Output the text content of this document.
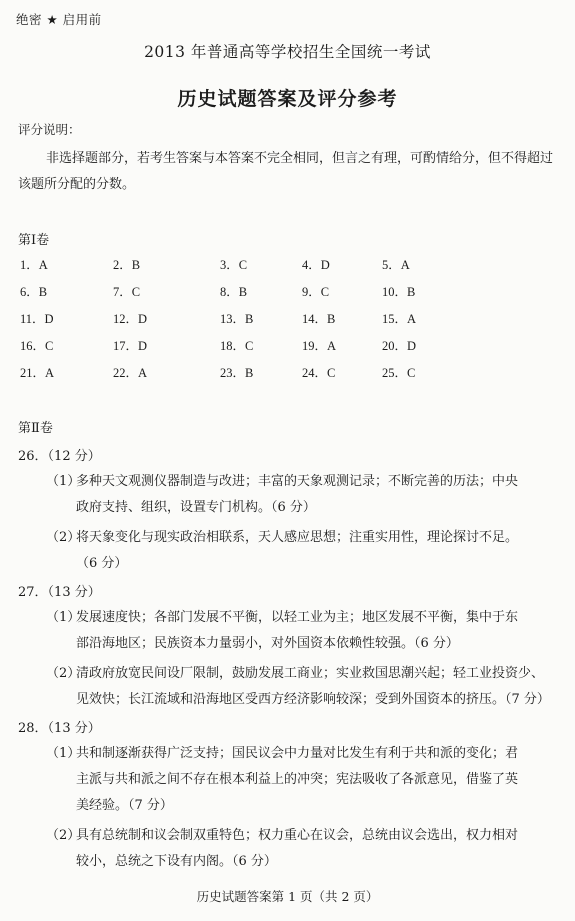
绝密 ★ 启用前
2013 年普通高等学校招生全国统一考试
历史试题答案及评分参考
评分说明：
非选择题部分，若考生答案与本答案不完全相同，但言之有理，可酌情给分，但不得超过该题所分配的分数。
第Ⅰ卷
1．A	2．B	3．C	4．D	5．A
6．B	7．C	8．B	9．C	10．B
11．D	12．D	13．B	14．B	15．A
16．C	17．D	18．C	19．A	20．D
21．A	22．A	23．B	24．C	25．C
第Ⅱ卷
26．（12 分）
（1）多种天文观测仪器制造与改进；丰富的天象观测记录；不断完善的历法；中央
政府支持、组织，设置专门机构。（6 分）
（2）将天象变化与现实政治相联系，天人感应思想；注重实用性，理论探讨不足。
（6 分）
27．（13 分）
（1）发展速度快；各部门发展不平衡，以轻工业为主；地区发展不平衡，集中于东
部沿海地区；民族资本力量弱小，对外国资本依赖性较强。（6 分）
（2）清政府放宽民间设厂限制，鼓励发展工商业；实业救国思潮兴起；轻工业投资少、
见效快；长江流域和沿海地区受西方经济影响较深；受到外国资本的挤压。（7 分）
28．（13 分）
（1）共和制逐渐获得广泛支持；国民议会中力量对比发生有利于共和派的变化；君
主派与共和派之间不存在根本利益上的冲突；宪法吸收了各派意见，借鉴了英
美经验。（7 分）
（2）具有总统制和议会制双重特色；权力重心在议会，总统由议会选出，权力相对
较小，总统之下设有内阁。（6 分）
历史试题答案第 1 页（共 2 页）
